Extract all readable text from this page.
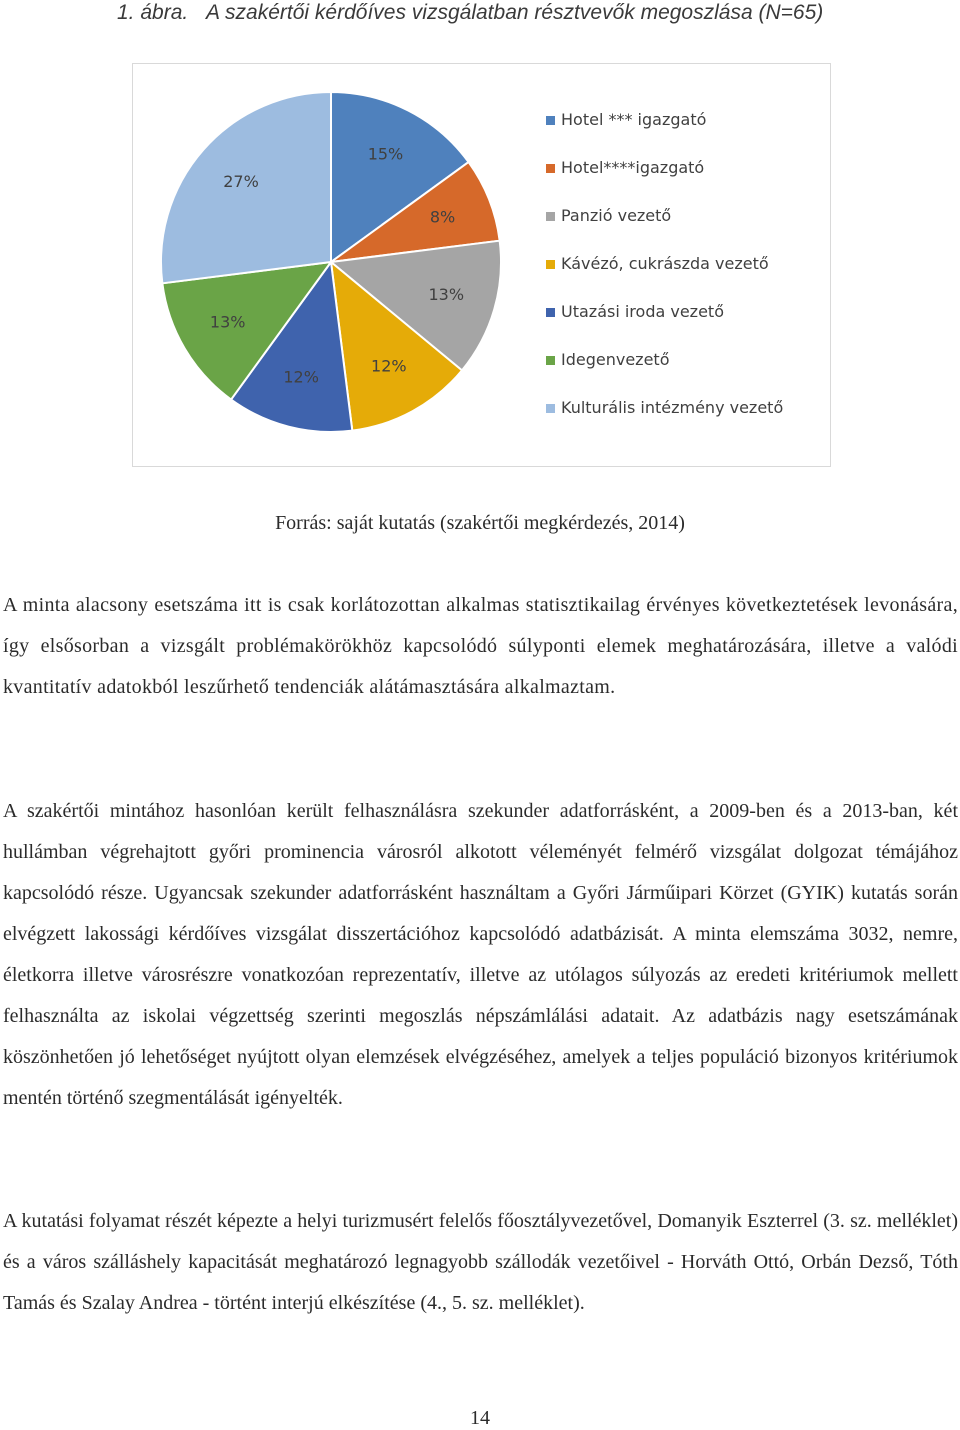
1. ábra. A szakértői kérdőíves vizsgálatban résztvevők megoszlása (N=65)
15%
8%
13%
12%
12%
13%
27%
Hotel *** igazgató
Hotel****igazgató
Panzió vezető
Kávézó, cukrászda vezető
Utazási iroda vezető
Idegenvezető
Kulturális intézmény vezető
Forrás: saját kutatás (szakértői megkérdezés, 2014)

A minta alacsony esetszáma itt is csak korlátozottan alkalmas statisztikailag érvényes következtetések levonására, így elsősorban a vizsgált problémakörökhöz kapcsolódó súlyponti elemek meghatározására, illetve a valódi kvantitatív adatokból leszűrhető tendenciák alátámasztására alkalmaztam.

A szakértői mintához hasonlóan került felhasználásra szekunder adatforrásként, a 2009-ben és a 2013-ban, két hullámban végrehajtott győri prominencia városról alkotott véleményét felmérő vizsgálat dolgozat témájához kapcsolódó része. Ugyancsak szekunder adatforrásként használtam a Győri Járműipari Körzet (GYIK) kutatás során elvégzett lakossági kérdőíves vizsgálat disszertációhoz kapcsolódó adatbázisát. A minta elemszáma 3032, nemre, életkorra illetve városrészre vonatkozóan reprezentatív, illetve az utólagos súlyozás az eredeti kritériumok mellett felhasználta az iskolai végzettség szerinti megoszlás népszámlálási adatait. Az adatbázis nagy esetszámának köszönhetően jó lehetőséget nyújtott olyan elemzések elvégzéséhez, amelyek a teljes populáció bizonyos kritériumok mentén történő szegmentálását igényelték.

A kutatási folyamat részét képezte a helyi turizmusért felelős főosztályvezetővel, Domanyik Eszterrel (3. sz. melléklet) és a város szálláshely kapacitását meghatározó legnagyobb szállodák vezetőivel - Horváth Ottó, Orbán Dezső, Tóth Tamás és Szalay Andrea - történt interjú elkészítése (4., 5. sz. melléklet).

14
